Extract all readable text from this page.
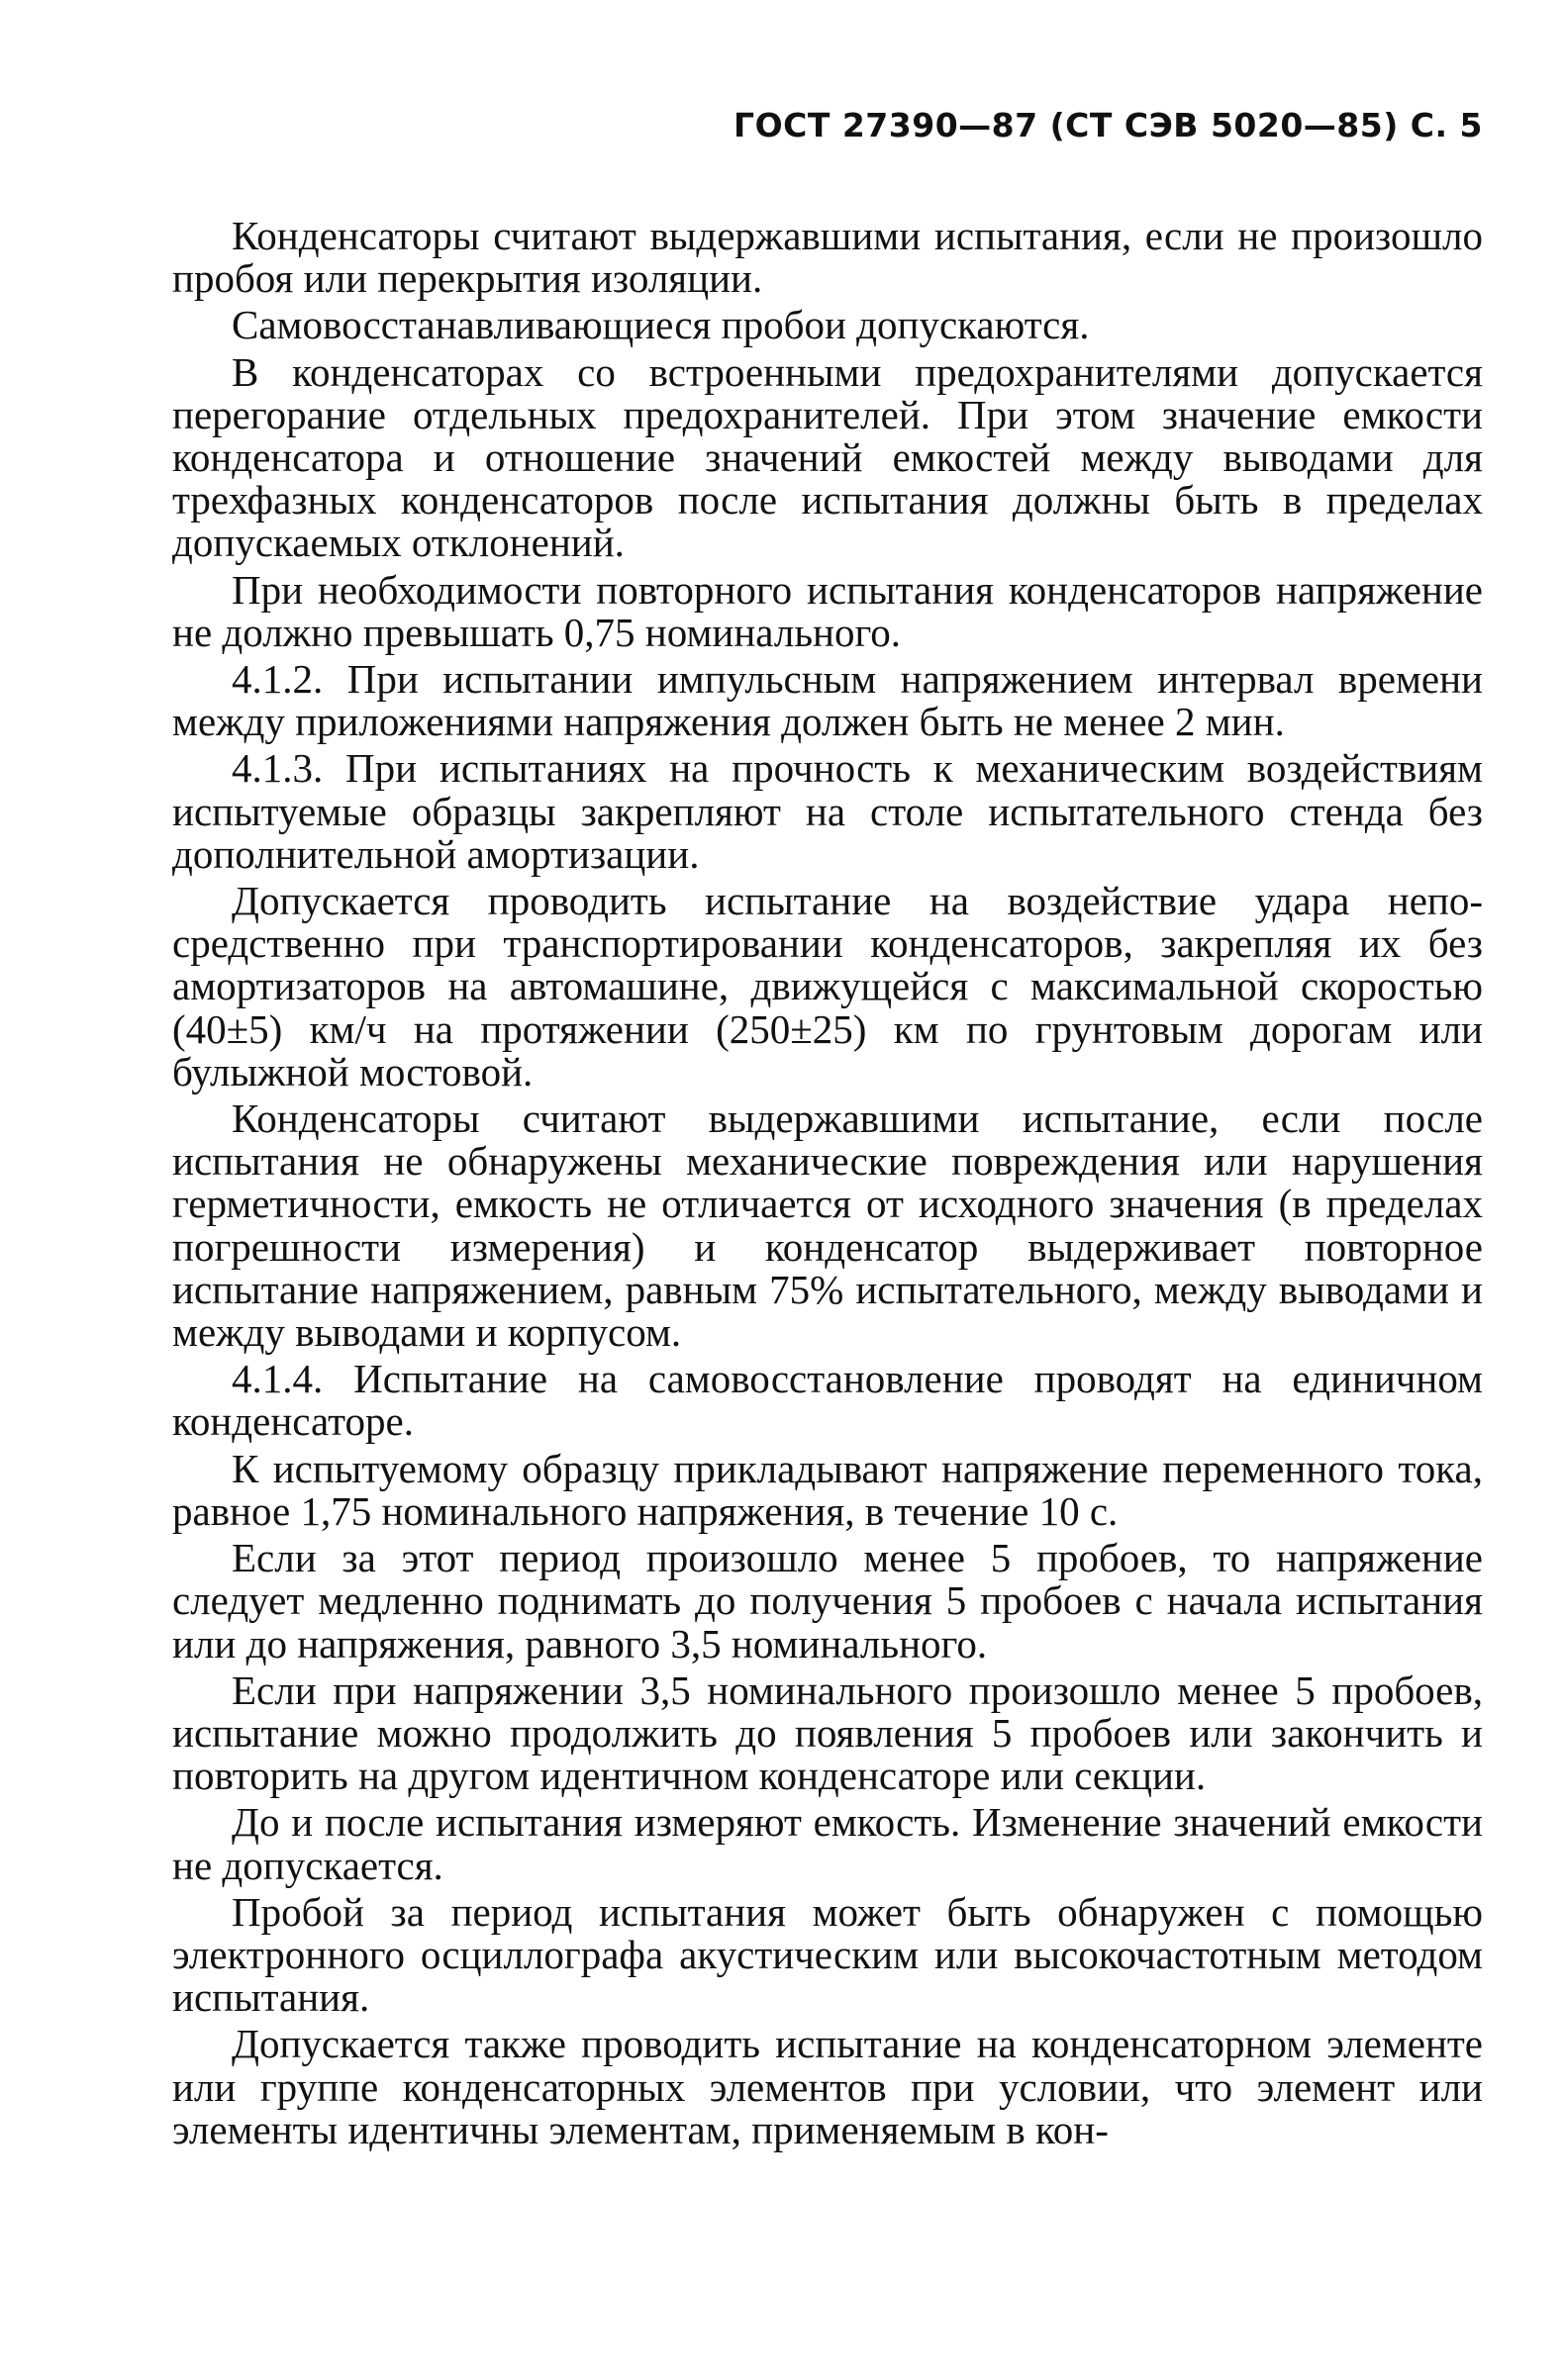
ГОСТ 27390—87 (СТ СЭВ 5020—85) С. 5

Конденсаторы считают выдержавшими испытания, если не произошло пробоя или перекрытия изоляции.

Самовосстанавливающиеся пробои допускаются.

В конденсаторах со встроенными предохранителями допускается перегорание отдельных предохранителей. При этом значение емкости конденсатора и отношение значений емкостей между выводами для трехфазных конденсаторов после испытания должны быть в пределах допускаемых отклонений.

При необходимости повторного испытания конденсаторов напряжение не должно превышать 0,75 номинального.

4.1.2. При испытании импульсным напряжением интервал времени между приложениями напряжения должен быть не менее 2 мин.

4.1.3. При испытаниях на прочность к механическим воздействиям испытуемые образцы закрепляют на столе испытательного стенда без дополнительной амортизации.

Допускается проводить испытание на воздействие удара непосредственно при транспортировании конденсаторов, закрепляя их без амортизаторов на автомашине, движущейся с максимальной скоростью (40±5) км/ч на протяжении (250±25) км по грунтовым дорогам или булыжной мостовой.

Конденсаторы считают выдержавшими испытание, если после испытания не обнаружены механические повреждения или нарушения герметичности, емкость не отличается от исходного значения (в пределах погрешности измерения) и конденсатор выдерживает повторное испытание напряжением, равным 75% испытательного, между выводами и между выводами и корпусом.

4.1.4. Испытание на самовосстановление проводят на единичном конденсаторе.

К испытуемому образцу прикладывают напряжение переменного тока, равное 1,75 номинального напряжения, в течение 10 с.

Если за этот период произошло менее 5 пробоев, то напряжение следует медленно поднимать до получения 5 пробоев с начала испытания или до напряжения, равного 3,5 номинального.

Если при напряжении 3,5 номинального произошло менее 5 пробоев, испытание можно продолжить до появления 5 пробоев или закончить и повторить на другом идентичном конденсаторе или секции.

До и после испытания измеряют емкость. Изменение значений емкости не допускается.

Пробой за период испытания может быть обнаружен с помощью электронного осциллографа акустическим или высокочастотным методом испытания.

Допускается также проводить испытание на конденсаторном элементе или группе конденсаторных элементов при условии, что элемент или элементы идентичны элементам, применяемым в кон-
